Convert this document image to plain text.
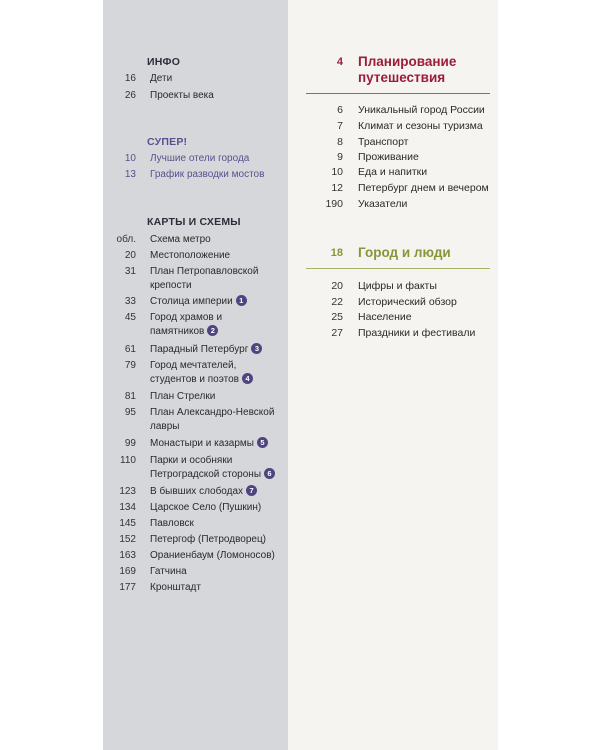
ИНФО
16 Дети
26 Проекты века
СУПЕР!
10 Лучшие отели города
13 График разводки мостов
КАРТЫ И СХЕМЫ
обл. Схема метро
20 Местоположение
31 План Петропавловской
крепости
33 Столица империи 1
45 Город храмов и
памятников 2
61 Парадный Петербург 3
79 Город мечтателей,
студентов и поэтов 4
81 План Стрелки
95 План Александро-Невской
лавры
99 Монастыри и казармы 5
110 Парки и особняки
Петроградской стороны 6
123 В бывших слободах 7
134 Царское Село (Пушкин)
145 Павловск
152 Петергоф (Петродворец)
163 Ораниенбаум (Ломоносов)
169 Гатчина
177 Кронштадт
4 Планирование
путешествия
6 Уникальный город России
7 Климат и сезоны туризма
8 Транспорт
9 Проживание
10 Еда и напитки
12 Петербург днем и вечером
190 Указатели
18 Город и люди
20 Цифры и факты
22 Исторический обзор
25 Население
27 Праздники и фестивали
